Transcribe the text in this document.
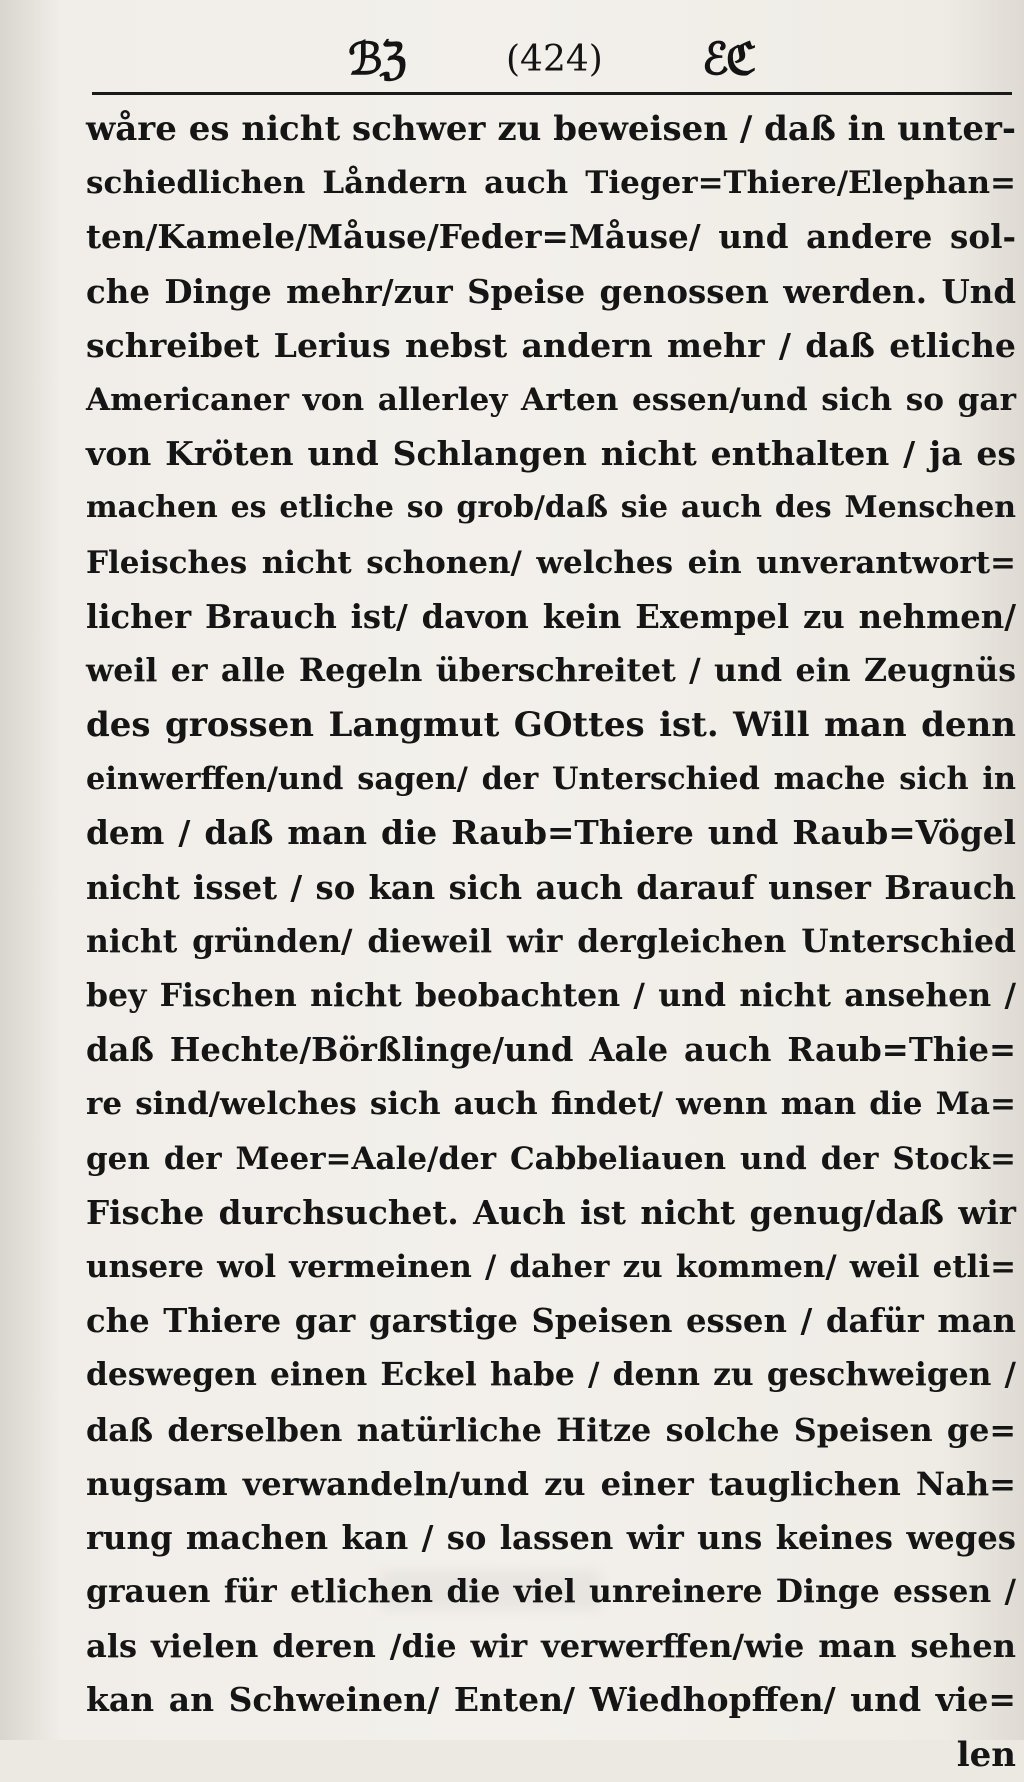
ℬℨ	(424) ℰℭ
wåre es nicht schwer zu beweisen / daß in unter-
schiedlichen Låndern auch Tieger=Thiere/Elephan=
ten/Kamele/Måuse/Feder=Måuse/ und andere sol-
che Dinge mehr/zur Speise genossen werden. Und
schreibet Lerius nebst andern mehr / daß etliche
Americaner von allerley Arten essen/und sich so gar
von Kröten und Schlangen nicht enthalten / ja es
machen es etliche so grob/daß sie auch des Menschen
Fleisches nicht schonen/ welches ein unverantwort=
licher Brauch ist/ davon kein Exempel zu nehmen/
weil er alle Regeln überschreitet / und ein Zeugnüs
des grossen Langmut GOttes ist. Will man denn
einwerffen/und sagen/ der Unterschied mache sich in
dem / daß man die Raub=Thiere und Raub=Vögel
nicht isset / so kan sich auch darauf unser Brauch
nicht gründen/ dieweil wir dergleichen Unterschied
bey Fischen nicht beobachten / und nicht ansehen /
daß Hechte/Börßlinge/und Aale auch Raub=Thie=
re sind/welches sich auch findet/ wenn man die Ma=
gen der Meer=Aale/der Cabbeliauen und der Stock=
Fische durchsuchet. Auch ist nicht genug/daß wir
unsere wol vermeinen / daher zu kommen/ weil etli=
che Thiere gar garstige Speisen essen / dafür man
deswegen einen Eckel habe / denn zu geschweigen /
daß derselben natürliche Hitze solche Speisen ge=
nugsam verwandeln/und zu einer tauglichen Nah=
rung machen kan / so lassen wir uns keines weges
grauen für etlichen die viel unreinere Dinge essen /
als vielen deren /die wir verwerffen/wie man sehen
kan an Schweinen/ Enten/ Wiedhopffen/ und vie=
len
